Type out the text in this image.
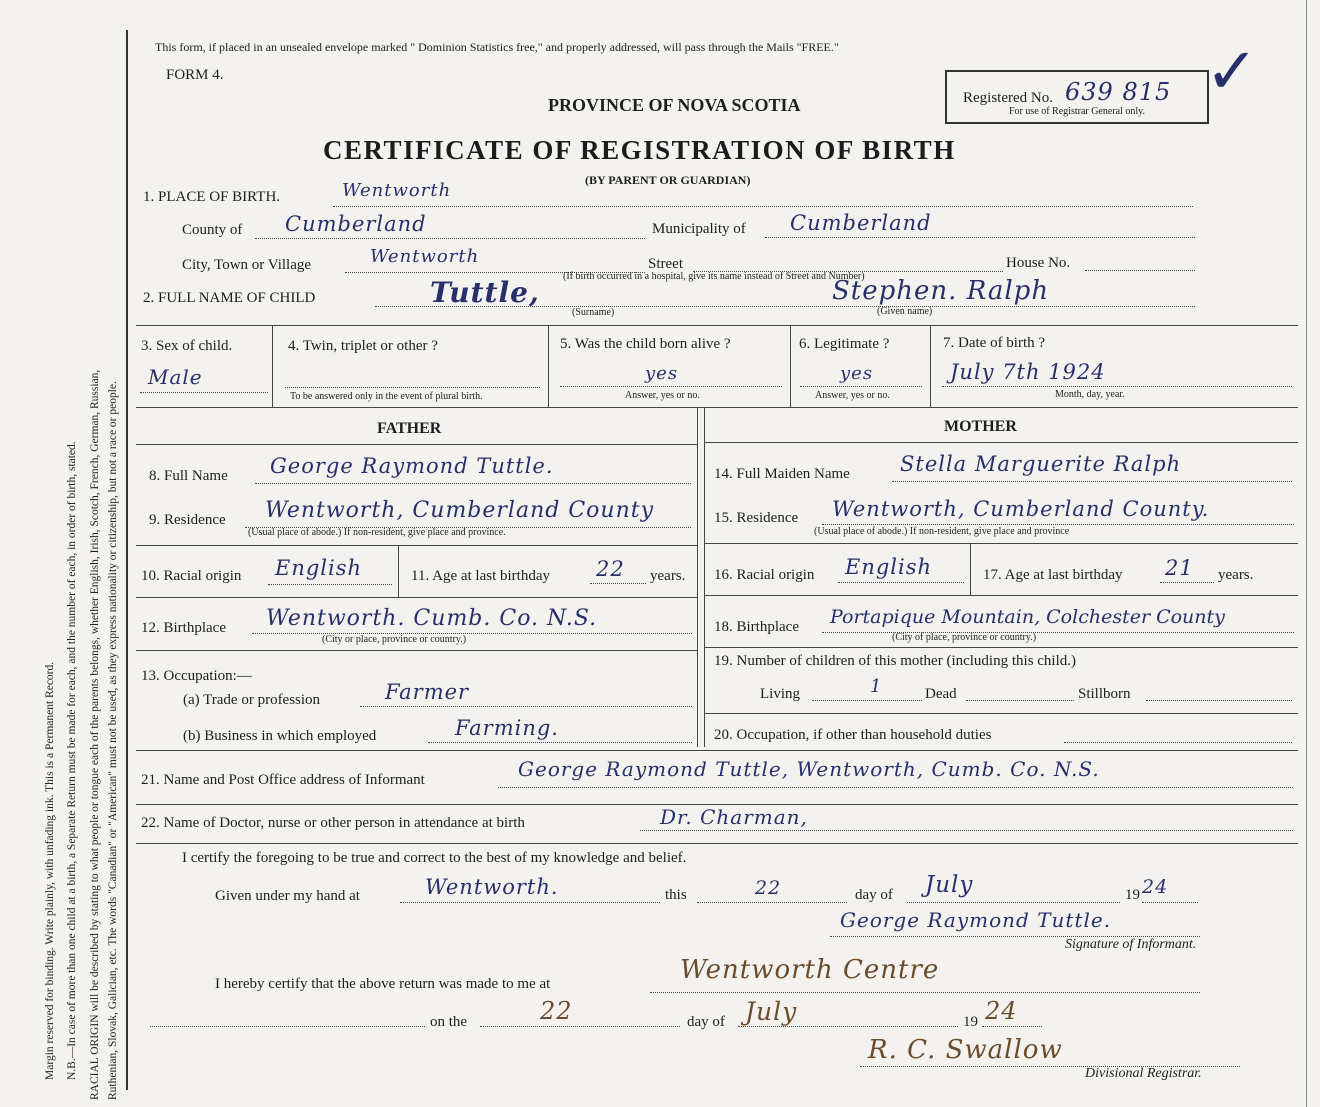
Margin reserved for binding. Write plainly, with unfading ink. This is a Permanent Record. N.B.—In case of more than one child at a birth, a Separate Return must be made for each, and the number of each, in order of birth, stated. RACIAL ORIGIN will be described by stating to what people or tongue each of the parents belongs, whether English, Irish, Scotch, French, German, Russian, Ruthenian, Slovak, Galician, etc. The words "Canadian" or "American" must not be used, as they express nationality or citizenship, but not a race or people.
This form, if placed in an unsealed envelope marked " Dominion Statistics free," and properly addressed, will pass through the Mails "FREE."
FORM 4.
PROVINCE OF NOVA SCOTIA
CERTIFICATE OF REGISTRATION OF BIRTH
(BY PARENT OR GUARDIAN)
Registered No. 639 815
For use of Registrar General only.
✓
1. PLACE OF BIRTH.	Wentworth
County of Cumberland	Municipality of Cumberland
City, Town or Village	Wentworth	Street	House No.
(If birth occurred in a hospital, give its name instead of Street and Number)
2. FULL NAME OF CHILD	Tuttle,	Stephen. Ralph
(Surname)	(Given name)
3. Sex of child.
Male
4. Twin, triplet or other ?
To be answered only in the event of plural birth.
5. Was the child born alive ?
yes
Answer, yes or no.
6. Legitimate ?
yes
Answer, yes or no.
7. Date of birth ?
July 7th 1924
Month, day, year.
FATHER	MOTHER
8. Full Name George Raymond Tuttle.
9. Residence Wentworth, Cumberland County
(Usual place of abode.) If non-resident, give place and province.
10. Racial origin English	11. Age at last birthday 22 years.
12. Birthplace Wentworth. Cumb. Co. N.S.
(City or place, province or country.)
13. Occupation:—
(a) Trade or profession	Farmer
(b) Business in which employed	Farming.
14. Full Maiden Name Stella Marguerite Ralph
15. Residence Wentworth, Cumberland County.
(Usual place of abode.) If non-resident, give place and province
16. Racial origin English	17. Age at last birthday 21 years.
18. Birthplace Portapique Mountain, Colchester County
(City of place, province or country.)
19. Number of children of this mother (including this child.)
Living	1	Dead	Stillborn
20. Occupation, if other than household duties
21. Name and Post Office address of Informant	George Raymond Tuttle, Wentworth, Cumb. Co. N.S.
22. Name of Doctor, nurse or other person in attendance at birth	Dr. Charman,
I certify the foregoing to be true and correct to the best of my knowledge and belief.
Given under my hand at	Wentworth.	this	22	day of July	19 24
George Raymond Tuttle.
Signature of Informant.
I hereby certify that the above return was made to me at	Wentworth Centre
on the	22	day of July	19 24
R. C. Swallow
Divisional Registrar.
